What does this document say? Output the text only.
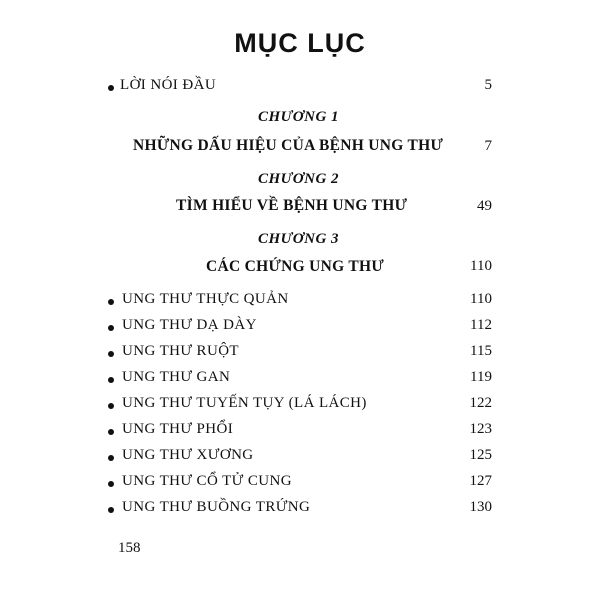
MỤC LỤC
LỜI NÓI ĐẦU	5
CHƯƠNG 1
NHỮNG DẤU HIỆU CỦA BỆNH UNG THƯ	7
CHƯƠNG 2
TÌM HIỂU VỀ BỆNH UNG THƯ	49
CHƯƠNG 3
CÁC CHỨNG UNG THƯ	110
UNG THƯ THỰC QUẢN	110
UNG THƯ DẠ DÀY	112
UNG THƯ RUỘT	115
UNG THƯ GAN	119
UNG THƯ TUYẾN TỤY (LÁ LÁCH)	122
UNG THƯ PHỔI	123
UNG THƯ XƯƠNG	125
UNG THƯ CỔ TỬ CUNG	127
UNG THƯ BUỒNG TRỨNG	130
158
